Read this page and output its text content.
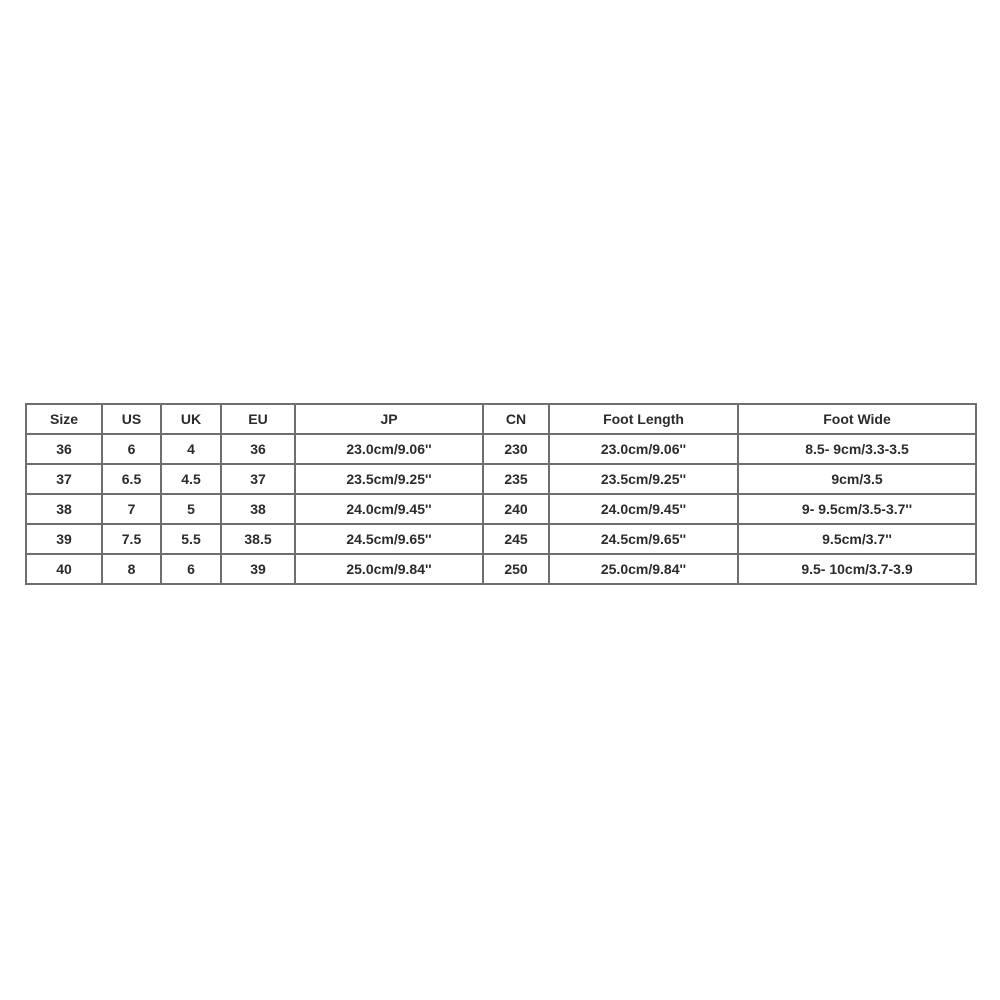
Size	US	UK	EU	JP	CN	Foot Length	Foot Wide
36	6	4	36	23.0cm/9.06''	230	23.0cm/9.06''	8.5- 9cm/3.3-3.5
37	6.5	4.5	37	23.5cm/9.25''	235	23.5cm/9.25''	9cm/3.5
38	7	5	38	24.0cm/9.45''	240	24.0cm/9.45''	9- 9.5cm/3.5-3.7''
39	7.5	5.5	38.5	24.5cm/9.65''	245	24.5cm/9.65''	9.5cm/3.7''
40	8	6	39	25.0cm/9.84''	250	25.0cm/9.84''	9.5- 10cm/3.7-3.9
